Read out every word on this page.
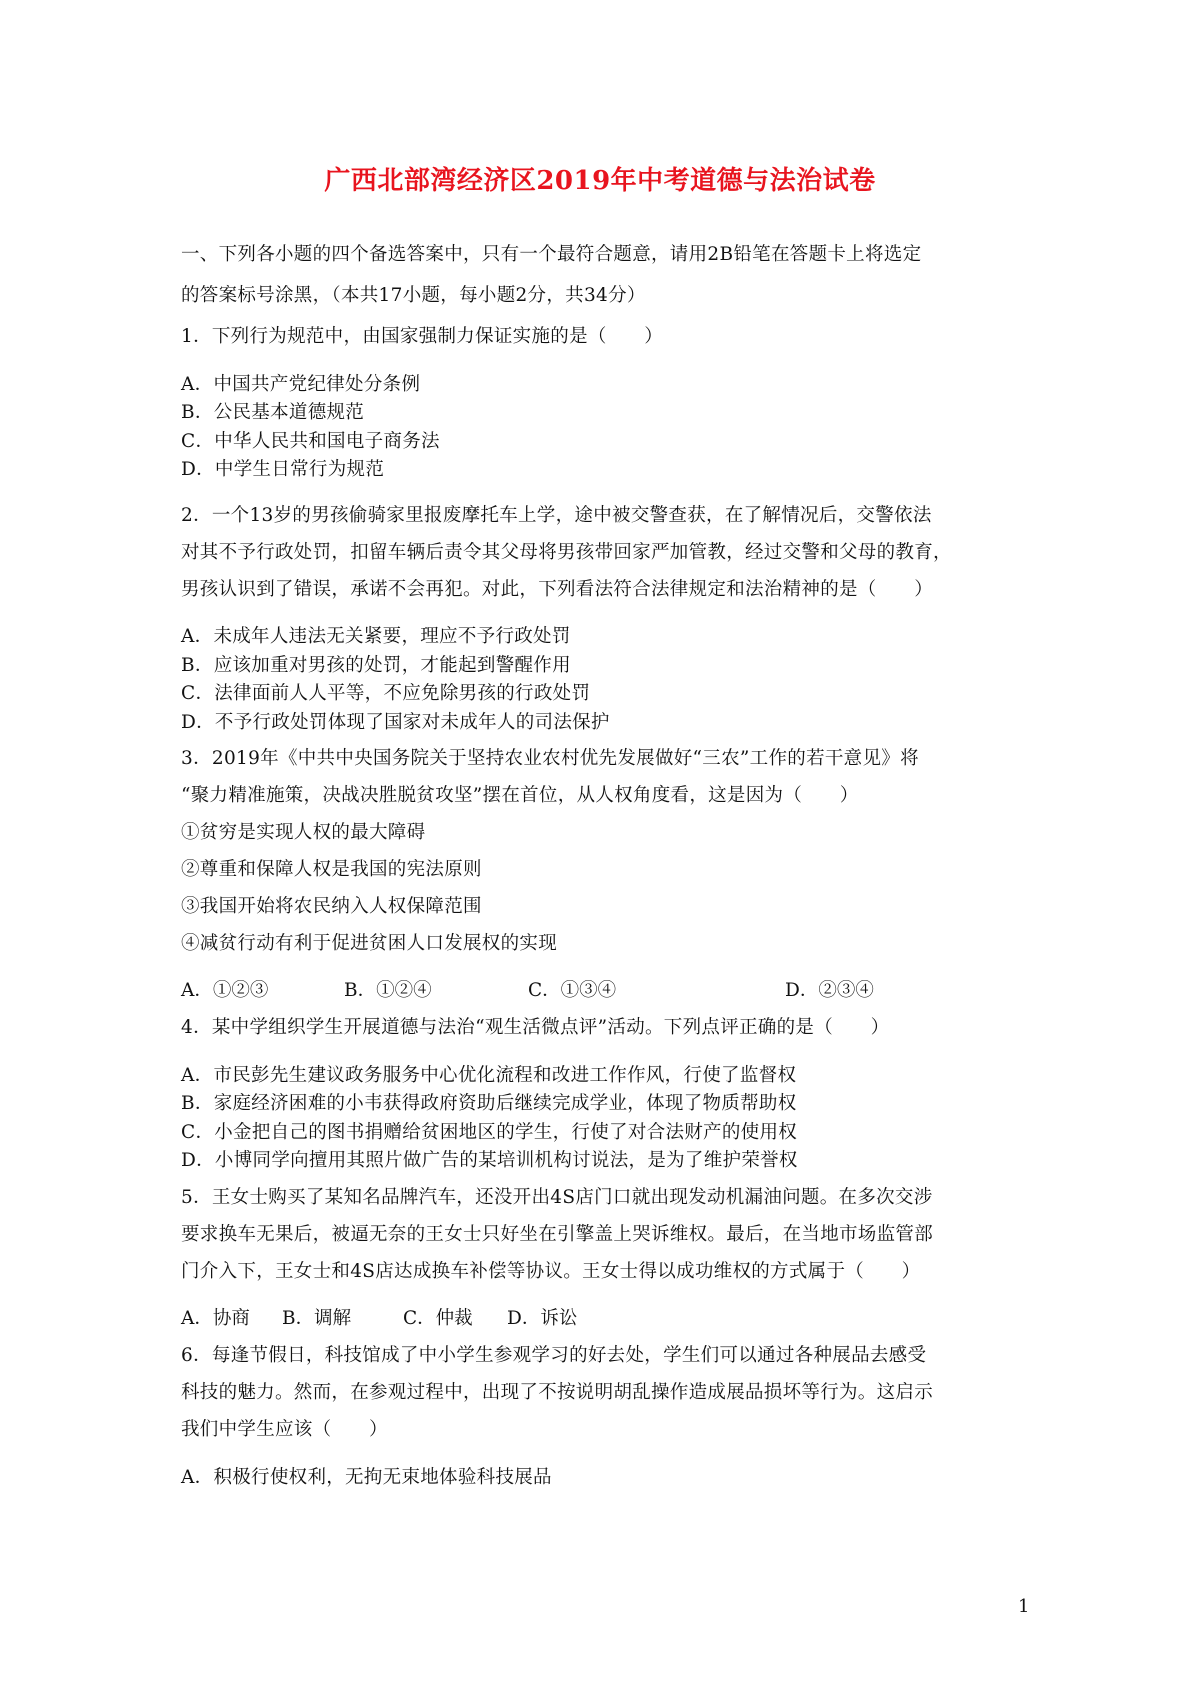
广西北部湾经济区2019年中考道德与法治试卷
一、下列各小题的四个备选答案中，只有一个最符合题意，请用2B铅笔在答题卡上将选定
的答案标号涂黑，（本共17小题，每小题2分，共34分）
1．下列行为规范中，由国家强制力保证实施的是（　　）
A．中国共产党纪律处分条例
B．公民基本道德规范
C．中华人民共和国电子商务法
D．中学生日常行为规范
2．一个13岁的男孩偷骑家里报废摩托车上学，途中被交警查获，在了解情况后，交警依法
对其不予行政处罚，扣留车辆后责令其父母将男孩带回家严加管教，经过交警和父母的教育，
男孩认识到了错误，承诺不会再犯。对此，下列看法符合法律规定和法治精神的是（　　）
A．未成年人违法无关紧要，理应不予行政处罚
B．应该加重对男孩的处罚，才能起到警醒作用
C．法律面前人人平等，不应免除男孩的行政处罚
D．不予行政处罚体现了国家对未成年人的司法保护
3．2019年《中共中央国务院关于坚持农业农村优先发展做好“三农”工作的若干意见》将
“聚力精准施策，决战决胜脱贫攻坚”摆在首位，从人权角度看，这是因为（　　）
①贫穷是实现人权的最大障碍
②尊重和保障人权是我国的宪法原则
③我国开始将农民纳入人权保障范围
④减贫行动有利于促进贫困人口发展权的实现
A．①②③	B．①②④	C．①③④	D．②③④
4．某中学组织学生开展道德与法治“观生活微点评”活动。下列点评正确的是（　　）
A．市民彭先生建议政务服务中心优化流程和改进工作作风，行使了监督权
B．家庭经济困难的小韦获得政府资助后继续完成学业，体现了物质帮助权
C．小金把自己的图书捐赠给贫困地区的学生，行使了对合法财产的使用权
D．小博同学向擅用其照片做广告的某培训机构讨说法，是为了维护荣誉权
5．王女士购买了某知名品牌汽车，还没开出4S店门口就出现发动机漏油问题。在多次交涉
要求换车无果后，被逼无奈的王女士只好坐在引擎盖上哭诉维权。最后，在当地市场监管部
门介入下，王女士和4S店达成换车补偿等协议。王女士得以成功维权的方式属于（　　）
A．协商 B．调解	C．仲裁 D．诉讼
6．每逢节假日，科技馆成了中小学生参观学习的好去处，学生们可以通过各种展品去感受
科技的魅力。然而，在参观过程中，出现了不按说明胡乱操作造成展品损坏等行为。这启示
我们中学生应该（　　）
A．积极行使权利，无拘无束地体验科技展品
1
